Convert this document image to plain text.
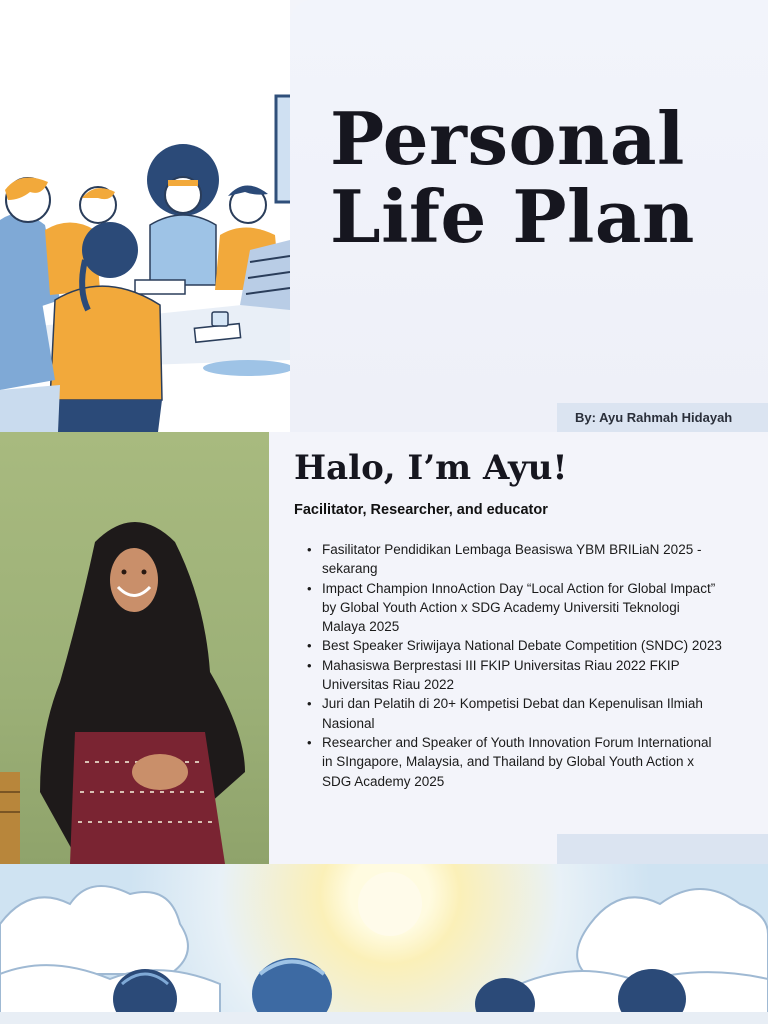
Personal
Life Plan
By: Ayu Rahmah Hidayah
Halo, I’m Ayu!
Facilitator, Researcher, and educator
• Fasilitator Pendidikan Lembaga Beasiswa YBM BRILiaN 2025 - sekarang
• Impact Champion InnoAction Day “Local Action for Global Impact” by Global Youth Action x SDG Academy Universiti Teknologi Malaya 2025
• Best Speaker Sriwijaya National Debate Competition (SNDC) 2023
• Mahasiswa Berprestasi III FKIP Universitas Riau 2022 FKIP Universitas Riau 2022
• Juri dan Pelatih di 20+ Kompetisi Debat dan Kepenulisan Ilmiah Nasional
• Researcher and Speaker of Youth Innovation Forum International in SIngapore, Malaysia, and Thailand by Global Youth Action x SDG Academy 2025
